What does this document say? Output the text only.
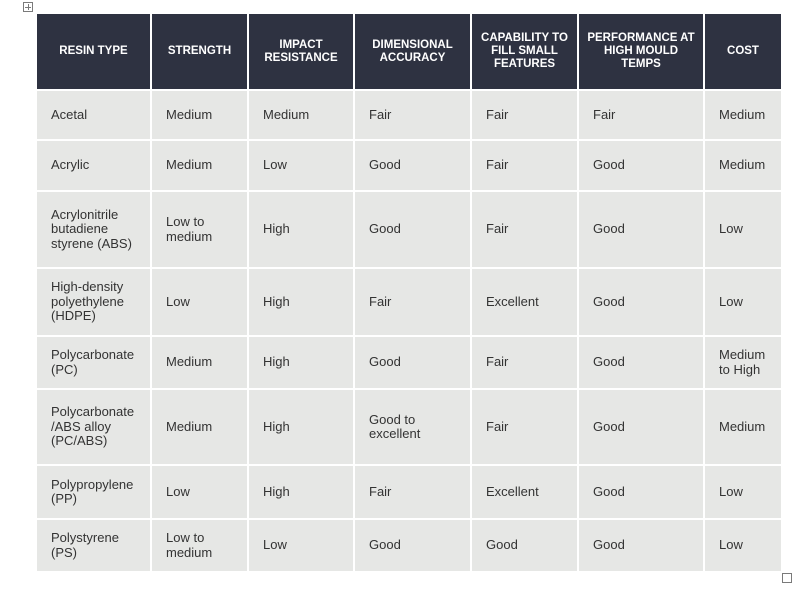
RESIN TYPE	STRENGTH	IMPACT RESISTANCE	DIMENSIONAL ACCURACY	CAPABILITY TO FILL SMALL FEATURES	PERFORMANCE AT HIGH MOULD TEMPS	COST
Acetal	Medium	Medium	Fair	Fair	Fair	Medium
Acrylic	Medium	Low	Good	Fair	Good	Medium
Acrylonitrile butadiene styrene (ABS)	Low to medium	High	Good	Fair	Good	Low
High-density polyethylene (HDPE)	Low	High	Fair	Excellent	Good	Low
Polycarbonate (PC)	Medium	High	Good	Fair	Good	Medium to High
Polycarbonate /ABS alloy (PC/ABS)	Medium	High	Good to excellent	Fair	Good	Medium
Polypropylene (PP)	Low	High	Fair	Excellent	Good	Low
Polystyrene (PS)	Low to medium	Low	Good	Good	Good	Low
